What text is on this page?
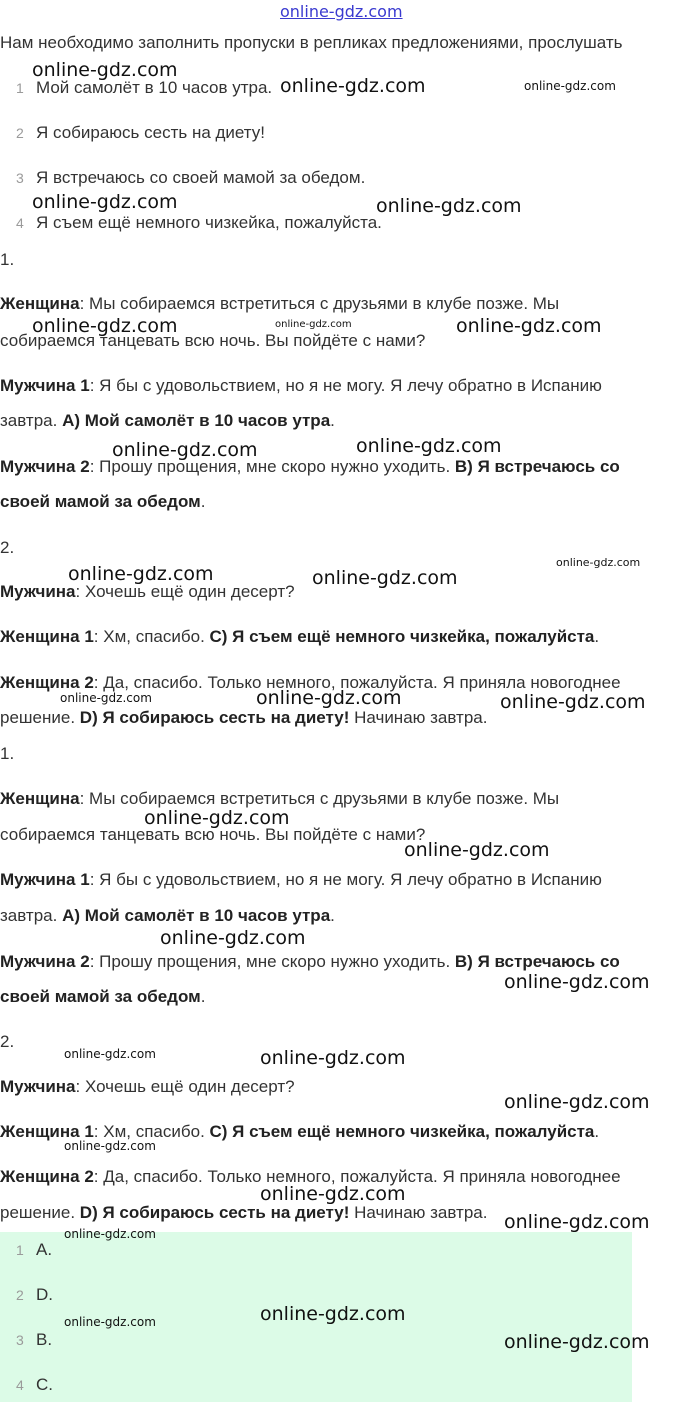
online-gdz.com
Нам необходимо заполнить пропуски в репликах предложениями, прослушать
1 Мой самолёт в 10 часов утра.
2 Я собираюсь сесть на диету!
3 Я встречаюсь со своей мамой за обедом.
4 Я съем ещё немного чизкейка, пожалуйста.
1.
Женщина: Мы собираемся встретиться с друзьями в клубе позже. Мы
собираемся танцевать всю ночь. Вы пойдёте с нами?
Мужчина 1: Я бы с удовольствием, но я не могу. Я лечу обратно в Испанию
завтра. A) Мой самолёт в 10 часов утра.
Мужчина 2: Прошу прощения, мне скоро нужно уходить. B) Я встречаюсь со
своей мамой за обедом.
2.
Мужчина: Хочешь ещё один десерт?
Женщина 1: Хм, спасибо. C) Я съем ещё немного чизкейка, пожалуйста.
Женщина 2: Да, спасибо. Только немного, пожалуйста. Я приняла новогоднее
решение. D) Я собираюсь сесть на диету! Начинаю завтра.
1.
Женщина: Мы собираемся встретиться с друзьями в клубе позже. Мы
собираемся танцевать всю ночь. Вы пойдёте с нами?
Мужчина 1: Я бы с удовольствием, но я не могу. Я лечу обратно в Испанию
завтра. A) Мой самолёт в 10 часов утра.
Мужчина 2: Прошу прощения, мне скоро нужно уходить. B) Я встречаюсь со
своей мамой за обедом.
2.
Мужчина: Хочешь ещё один десерт?
Женщина 1: Хм, спасибо. C) Я съем ещё немного чизкейка, пожалуйста.
Женщина 2: Да, спасибо. Только немного, пожалуйста. Я приняла новогоднее
решение. D) Я собираюсь сесть на диету! Начинаю завтра.
1 A.
2 D.
3 B.
4 C.
online-gdz.com
online-gdz.com	online-gdz.com
online-gdz.com	online-gdz.com
online-gdz.com	online-gdz.com	online-gdz.com
online-gdz.com	online-gdz.com
online-gdz.com
online-gdz.com	online-gdz.com
online-gdz.com	online-gdz.com	online-gdz.com
online-gdz.com
online-gdz.com
online-gdz.com
online-gdz.com
online-gdz.com	online-gdz.com
online-gdz.com
online-gdz.com
online-gdz.com
online-gdz.com
online-gdz.com
online-gdz.com
online-gdz.com
online-gdz.com
